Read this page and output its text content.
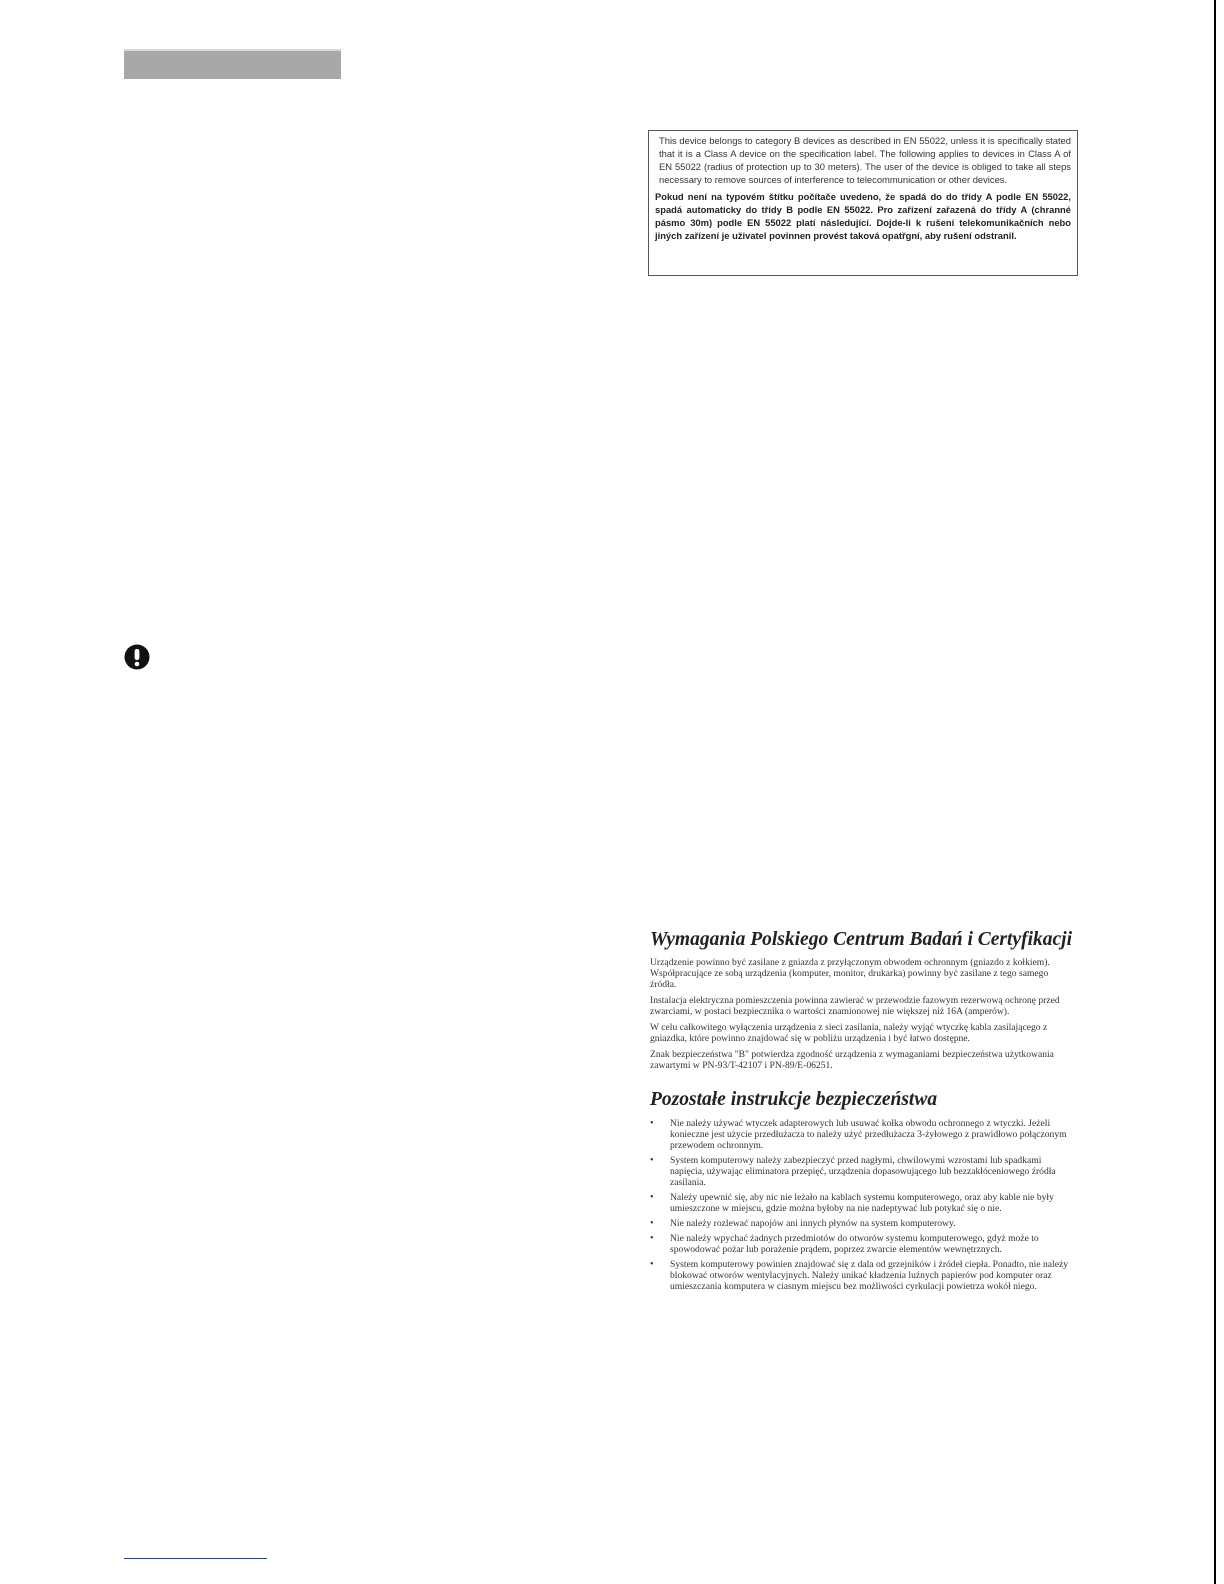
This device belongs to category B devices as described in EN 55022, unless it is specifically stated that it is a Class A device on the specification label. The following applies to devices in Class A of EN 55022 (radius of protection up to 30 meters). The user of the device is obliged to take all steps necessary to remove sources of interference to telecommunication or other devices.

Pokud není na typovém štítku počítače uvedeno, že spadá do do třídy A podle EN 55022, spadá automaticky do třídy B podle EN 55022. Pro zařízení zařazená do třídy A (chranné pásmo 30m) podle EN 55022 platí následující. Dojde-li k rušení telekomunikačních nebo jiných zařízení je uživatel povinnen provést taková opatřgní, aby rušení odstranil.

Wymagania Polskiego Centrum Badań i Certyfikacji

Urządzenie powinno być zasilane z gniazda z przyłączonym obwodem ochronnym (gniazdo z kołkiem). Współpracujące ze sobą urządzenia (komputer, monitor, drukarka) powinny być zasilane z tego samego źródła.

Instalacja elektryczna pomieszczenia powinna zawierać w przewodzie fazowym rezerwową ochronę przed zwarciami, w postaci bezpiecznika o wartości znamionowej nie większej niż 16A (amperów).

W celu całkowitego wyłączenia urządzenia z sieci zasilania, należy wyjąć wtyczkę kabla zasilającego z gniazdka, które powinno znajdować się w pobliżu urządzenia i być łatwo dostępne.

Znak bezpieczeństwa "B" potwierdza zgodność urządzenia z wymaganiami bezpieczeństwa użytkowania zawartymi w PN-93/T-42107 i PN-89/E-06251.

Pozostałe instrukcje bezpieczeństwa
• Nie należy używać wtyczek adapterowych lub usuwać kołka obwodu ochronnego z wtyczki. Jeżeli konieczne jest użycie przedłużacza to należy użyć przedłużacza 3-żyłowego z prawidłowo połączonym przewodem ochronnym.
• System komputerowy należy zabezpieczyć przed nagłymi, chwilowymi wzrostami lub spadkami napięcia, używając eliminatora przepięć, urządzenia dopasowującego lub bezzakłóceniowego źródła zasilania.
• Należy upewnić się, aby nic nie leżało na kablach systemu komputerowego, oraz aby kable nie były umieszczone w miejscu, gdzie można byłoby na nie nadeptywać lub potykać się o nie.
• Nie należy rozlewać napojów ani innych płynów na system komputerowy.
• Nie należy wpychać żadnych przedmiotów do otworów systemu komputerowego, gdyż może to spowodować pożar lub porażenie prądem, poprzez zwarcie elementów wewnętrznych.
• System komputerowy powinien znajdować się z dala od grzejników i źródeł ciepła. Ponadto, nie należy blokować otworów wentylacyjnych. Należy unikać kładzenia luźnych papierów pod komputer oraz umieszczania komputera w ciasnym miejscu bez możliwości cyrkulacji powietrza wokół niego.
